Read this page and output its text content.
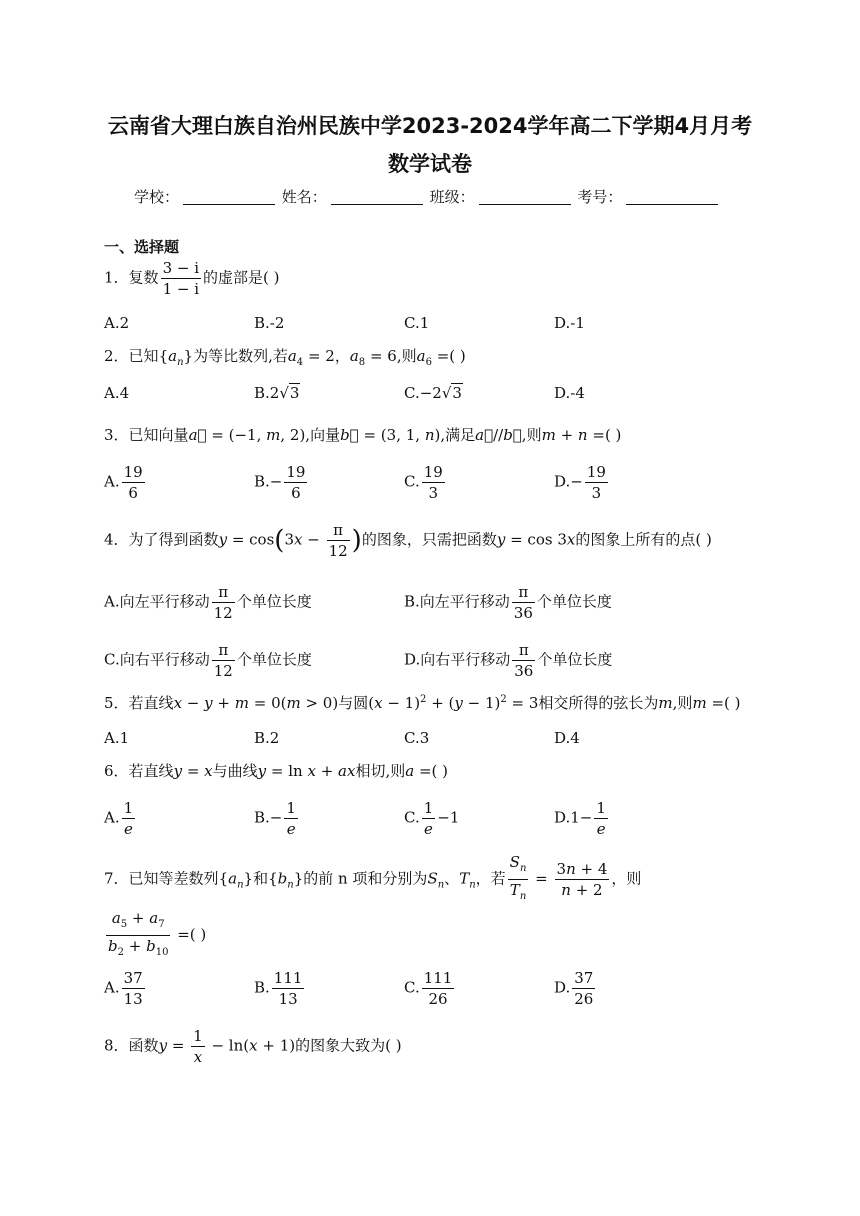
云南省大理白族自治州民族中学2023-2024学年高二下学期4月月考
数学试卷
学校：	姓名：	班级：	考号：
一、选择题
1．复数 $\frac{3 - i}{1 - i}$ 的虚部是( )
A.2	B.-2	C.1	D.-1
2．已知$\{a_n\}$为等比数列,若$a_4 = 2$，$a_8 = 6$,则$a_6$ =( )
A.4	B.2√3	C.−2√3	D.-4
3．已知向量a⃗ = (−1, m, 2),向量b⃗ = (3, 1, n),满足a⃗//b⃗,则m + n =( )
A. $\frac{19}{6}$	$B.- \frac{19}{6}$	C. $\frac{19}{3}$	$D.- \frac{19}{3}$
4．为了得到函数$y = \cos(3x - \frac{\pi}{12}$ )的图象，只需把函数y = cos 3x的图象上所有的点( )
A.向左平行移动 $\frac{\pi}{12}$ 个单位长度	B.向左平行移动 $\frac{\pi}{36}$ 个单位长度
C.向右平行移动 $\frac{\pi}{12}$ 个单位长度	D.向右平行移动 $\frac{\pi}{36}$ 个单位长度
5．若直线x − y + m = 0(m > 0)与圆$(x - 1)^2 + (y - 1)^2 = 3$相交所得的弦长为m,则m =( )
A.1	B.2	C.3	D.4
6．若直线y = x与曲线y = ln x + ax相切,则a =( )
A. $\frac{1}{e}$	$B.- \frac{1}{e}$	C. $\frac{1}{e} -1$	$D.1- \frac{1}{e}$
7．已知等差数列$\{a_n\}$和$\{b_n\}$的前 n 项和分别为$S_n$、$T_n$，若 $\frac{S_n}{T_n} = \frac{3n + 4}{n + 2}$ ，则
$\frac{a_5 + a_7}{b_2 + b_{10}}$ =( )
A. $\frac{37}{13}$	B. $\frac{111}{13}$	C. $\frac{111}{26}$	D. $\frac{37}{26}$
8．函数$y = \frac{1}{x} - \ln(x + 1)$的图象大致为( )
